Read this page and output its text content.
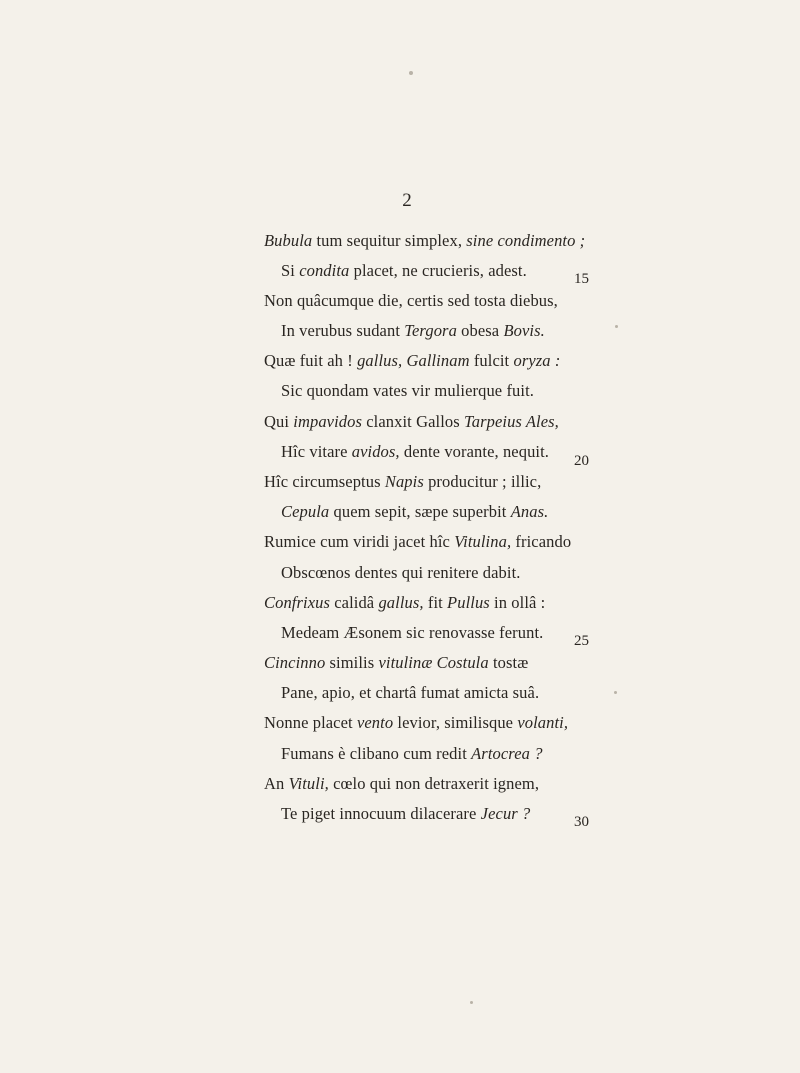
2
Bubula tum sequitur simplex, sine condimento ;
Si condita placet, ne crucieris, adest.
Non quâcumque die, certis sed tosta diebus,
In verubus sudant Tergora obesa Bovis.
Quæ fuit ah ! gallus, Gallinam fulcit oryza :
Sic quondam vates vir mulierque fuit.
Qui impavidos clanxit Gallos Tarpeius Ales,
Hîc vitare avidos, dente vorante, nequit.
Hîc circumseptus Napis producitur ; illic,
Cepula quem sepit, sæpe superbit Anas.
Rumice cum viridi jacet hîc Vitulina, fricando
Obscœnos dentes qui renitere dabit.
Confrixus calidâ gallus, fit Pullus in ollâ :
Medeam Æsonem sic renovasse ferunt.
Cincinno similis vitulinæ Costula tostæ
Pane, apio, et chartâ fumat amicta suâ.
Nonne placet vento levior, similisque volanti,
Fumans è clibano cum redit Artocrea ?
An Vituli, cœlo qui non detraxerit ignem,
Te piget innocuum dilacerare Jecur ?
15
20
25
30
